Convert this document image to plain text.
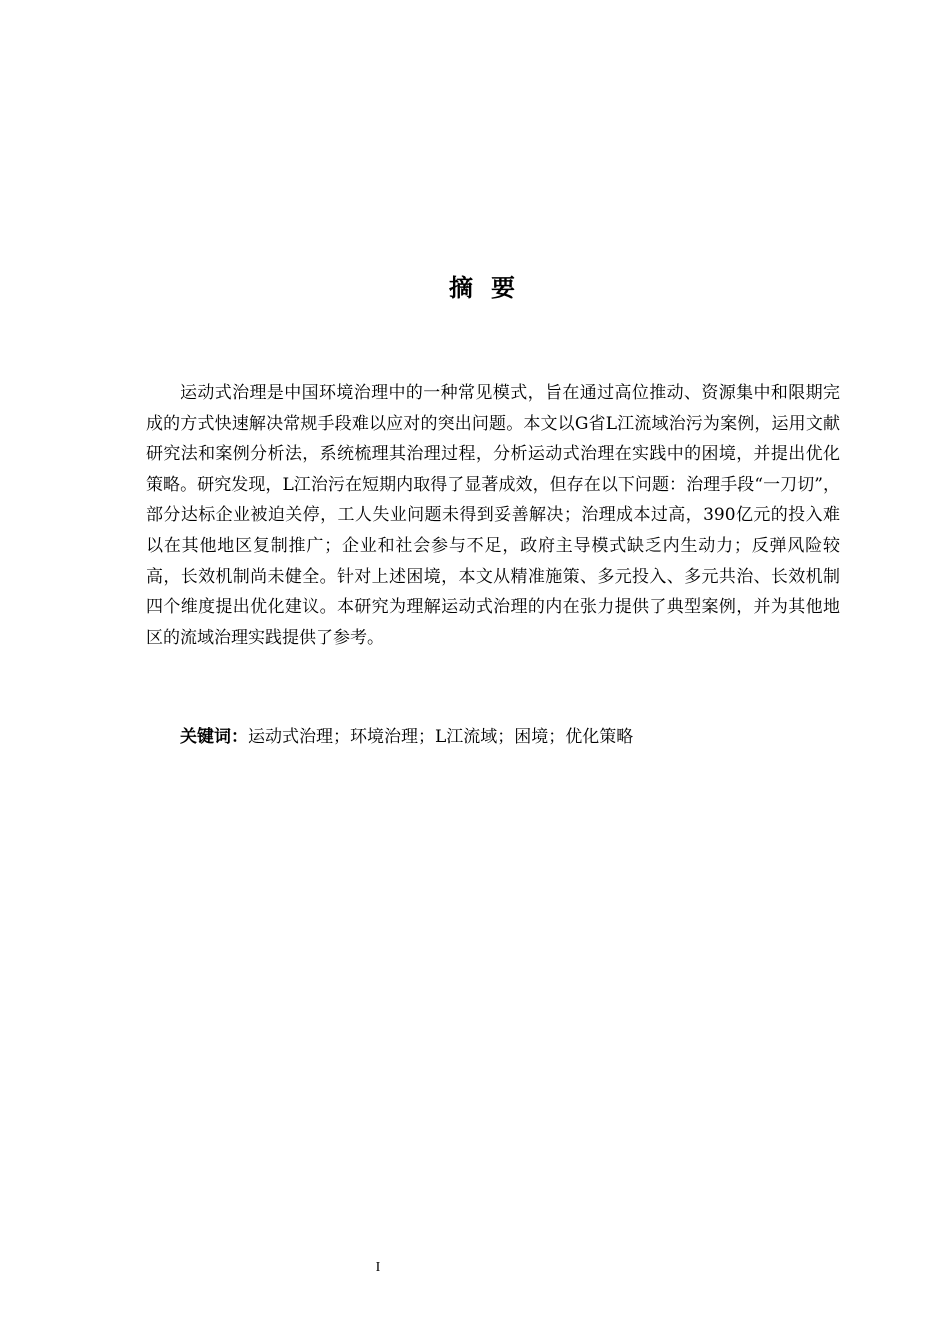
摘要

运动式治理是中国环境治理中的一种常见模式，旨在通过高位推动、资源集中和限期完成的方式快速解决常规手段难以应对的突出问题。本文以G省L江流域治污为案例，运用文献研究法和案例分析法，系统梳理其治理过程，分析运动式治理在实践中的困境，并提出优化策略。研究发现，L江治污在短期内取得了显著成效，但存在以下问题：治理手段“一刀切”，部分达标企业被迫关停，工人失业问题未得到妥善解决；治理成本过高，390亿元的投入难以在其他地区复制推广；企业和社会参与不足，政府主导模式缺乏内生动力；反弹风险较高，长效机制尚未健全。针对上述困境，本文从精准施策、多元投入、多元共治、长效机制四个维度提出优化建议。本研究为理解运动式治理的内在张力提供了典型案例，并为其他地区的流域治理实践提供了参考。

关键词：运动式治理；环境治理；L江流域；困境；优化策略
I
